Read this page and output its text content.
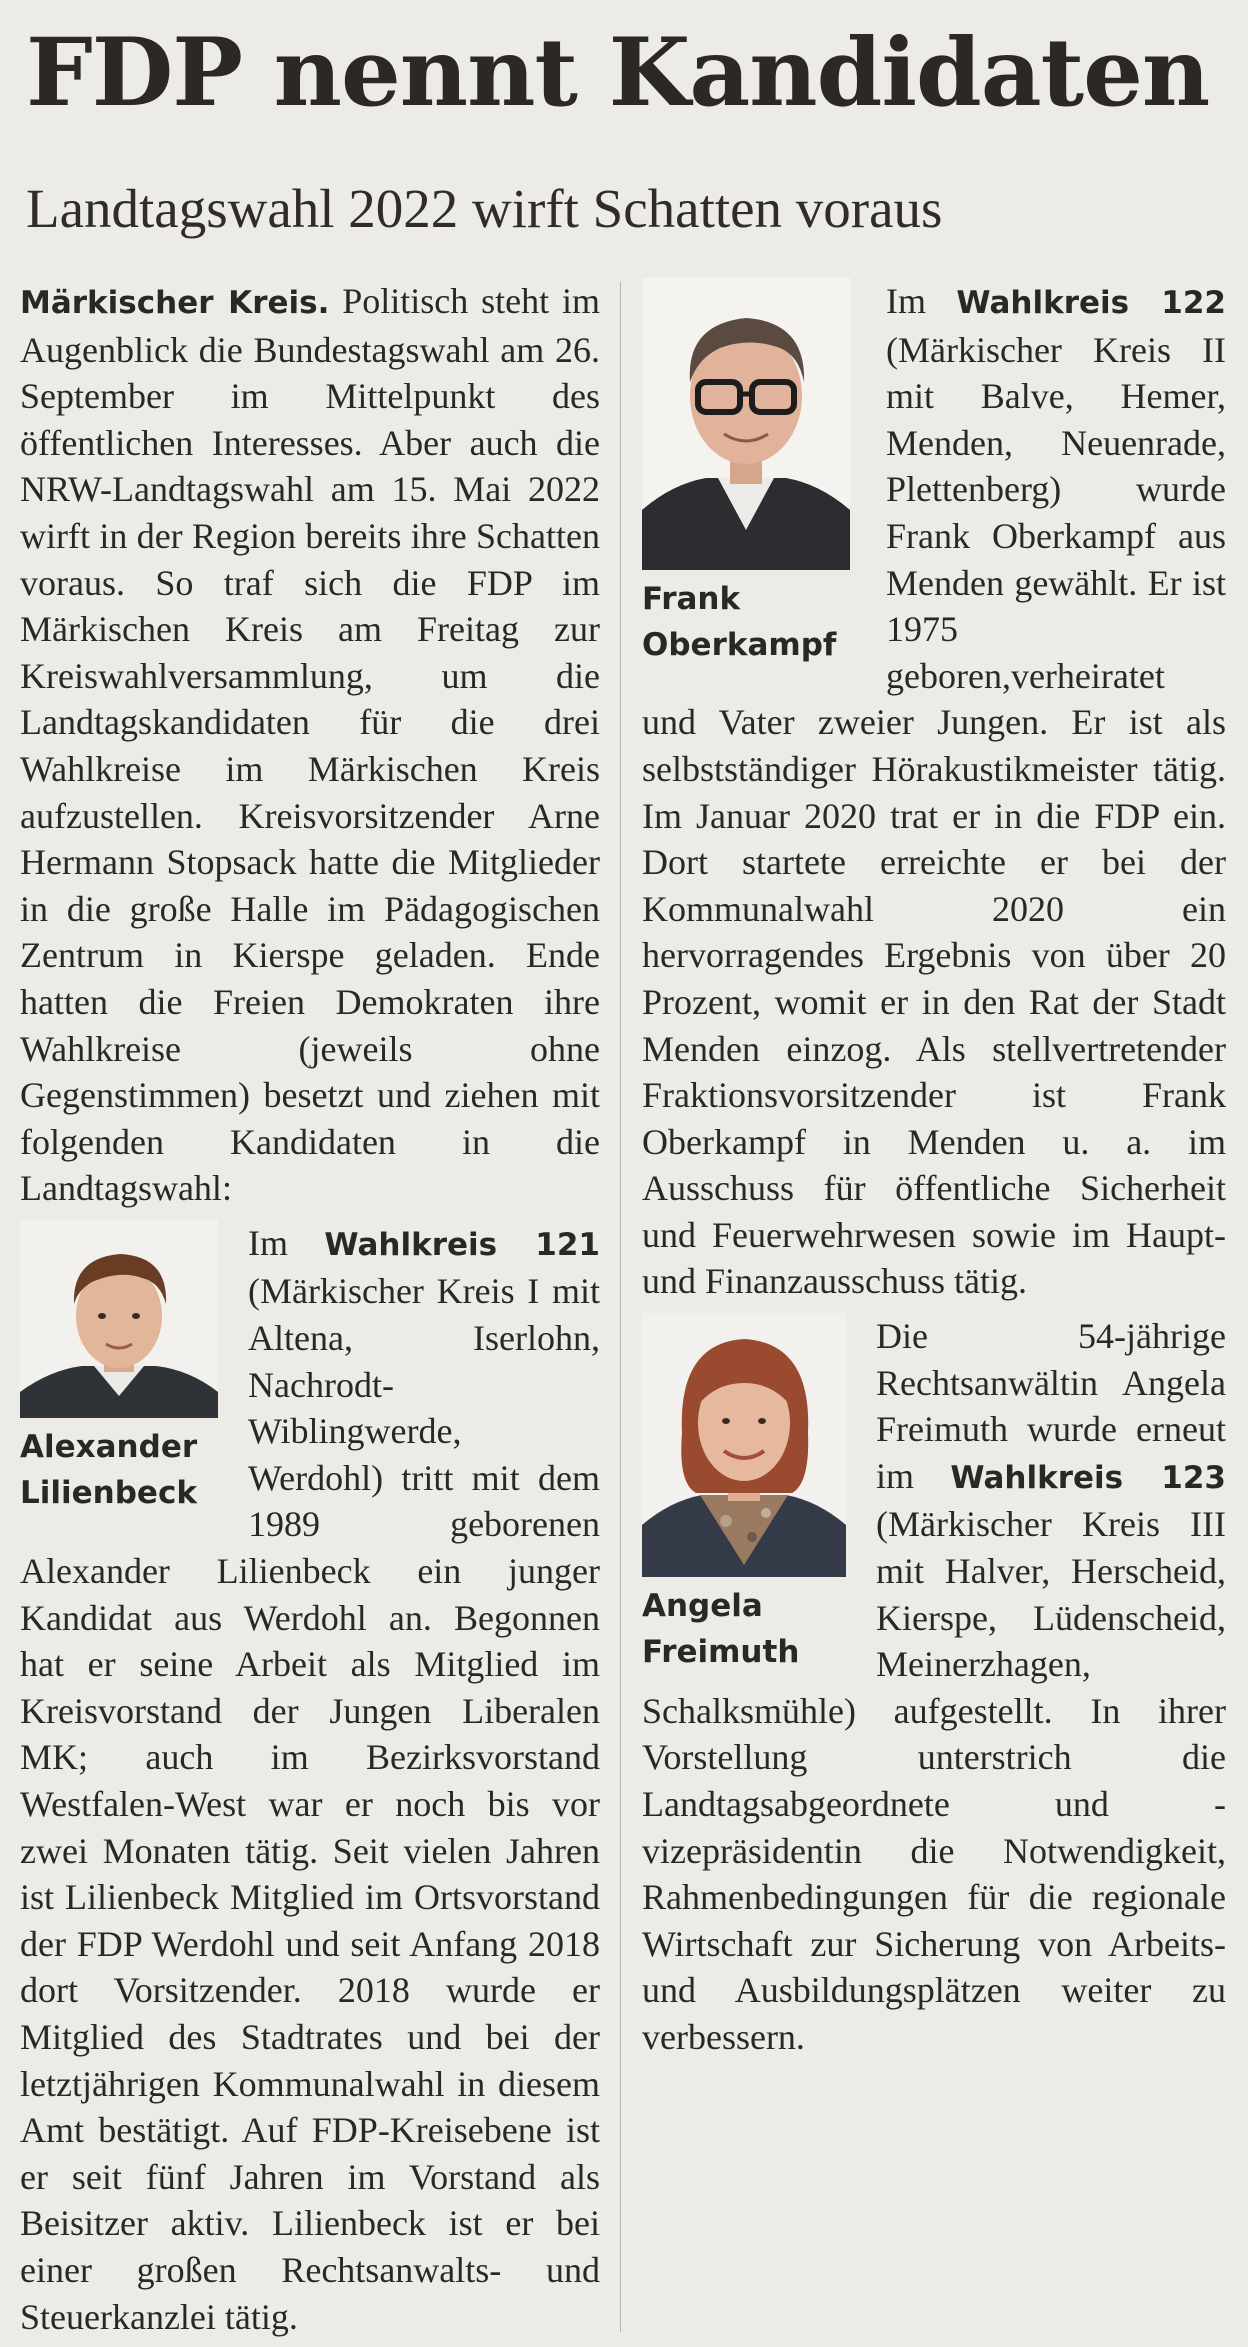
FDP nennt Kandidaten
Landtagswahl 2022 wirft Schatten voraus

Märkischer Kreis. Politisch steht im Augenblick die Bundestagswahl am 26. September im Mittelpunkt des öffentlichen Interesses. Aber auch die NRW-Landtagswahl am 15. Mai 2022 wirft in der Region bereits ihre Schatten voraus. So traf sich die FDP im Märkischen Kreis am Freitag zur Kreiswahlversammlung, um die Landtagskandidaten für die drei Wahlkreise im Märkischen Kreis aufzustellen. Kreisvorsitzender Arne Hermann Stopsack hatte die Mitglieder in die große Halle im Pädagogischen Zentrum in Kierspe geladen. Ende hatten die Freien Demokraten ihre Wahlkreise (jeweils ohne Gegenstimmen) besetzt und ziehen mit folgenden Kandidaten in die Landtagswahl:

Alexander
Lilienbeck

Im Wahlkreis 121 (Märkischer Kreis I mit Altena, Iserlohn, Nachrodt-Wiblingwerde, Werdohl) tritt mit dem 1989 geborenen Alexander Lilienbeck ein junger Kandidat aus Werdohl an. Begonnen hat er seine Arbeit als Mitglied im Kreisvorstand der Jungen Liberalen MK; auch im Bezirksvorstand Westfalen-West war er noch bis vor zwei Monaten tätig. Seit vielen Jahren ist Lilienbeck Mitglied im Ortsvorstand der FDP Werdohl und seit Anfang 2018 dort Vorsitzender. 2018 wurde er Mitglied des Stadtrates und bei der letztjährigen Kommunalwahl in diesem Amt bestätigt. Auf FDP-Kreisebene ist er seit fünf Jahren im Vorstand als Beisitzer aktiv. Lilienbeck ist er bei einer großen Rechtsanwalts- und Steuerkanzlei tätig.

Frank
Oberkampf

Im Wahlkreis 122 (Märkischer Kreis II mit Balve, Hemer, Menden, Neuenrade, Plettenberg) wurde Frank Oberkampf aus Menden gewählt. Er ist 1975 geboren,verheiratet und Vater zweier Jungen. Er ist als selbstständiger Hörakustikmeister tätig. Im Januar 2020 trat er in die FDP ein. Dort startete erreichte er bei der Kommunalwahl 2020 ein hervorragendes Ergebnis von über 20 Prozent, womit er in den Rat der Stadt Menden einzog. Als stellvertretender Fraktionsvorsitzender ist Frank Oberkampf in Menden u. a. im Ausschuss für öffentliche Sicherheit und Feuerwehrwesen sowie im Haupt- und Finanzausschuss tätig.

Angela
Freimuth

Die 54-jährige Rechtsanwältin Angela Freimuth wurde erneut im Wahlkreis 123 (Märkischer Kreis III mit Halver, Herscheid, Kierspe, Lüdenscheid, Meinerzhagen, Schalksmühle) aufgestellt. In ihrer Vorstellung unterstrich die Landtagsabgeordnete und -vizepräsidentin die Notwendigkeit, Rahmenbedingungen für die regionale Wirtschaft zur Sicherung von Arbeits- und Ausbildungsplätzen weiter zu verbessern.
